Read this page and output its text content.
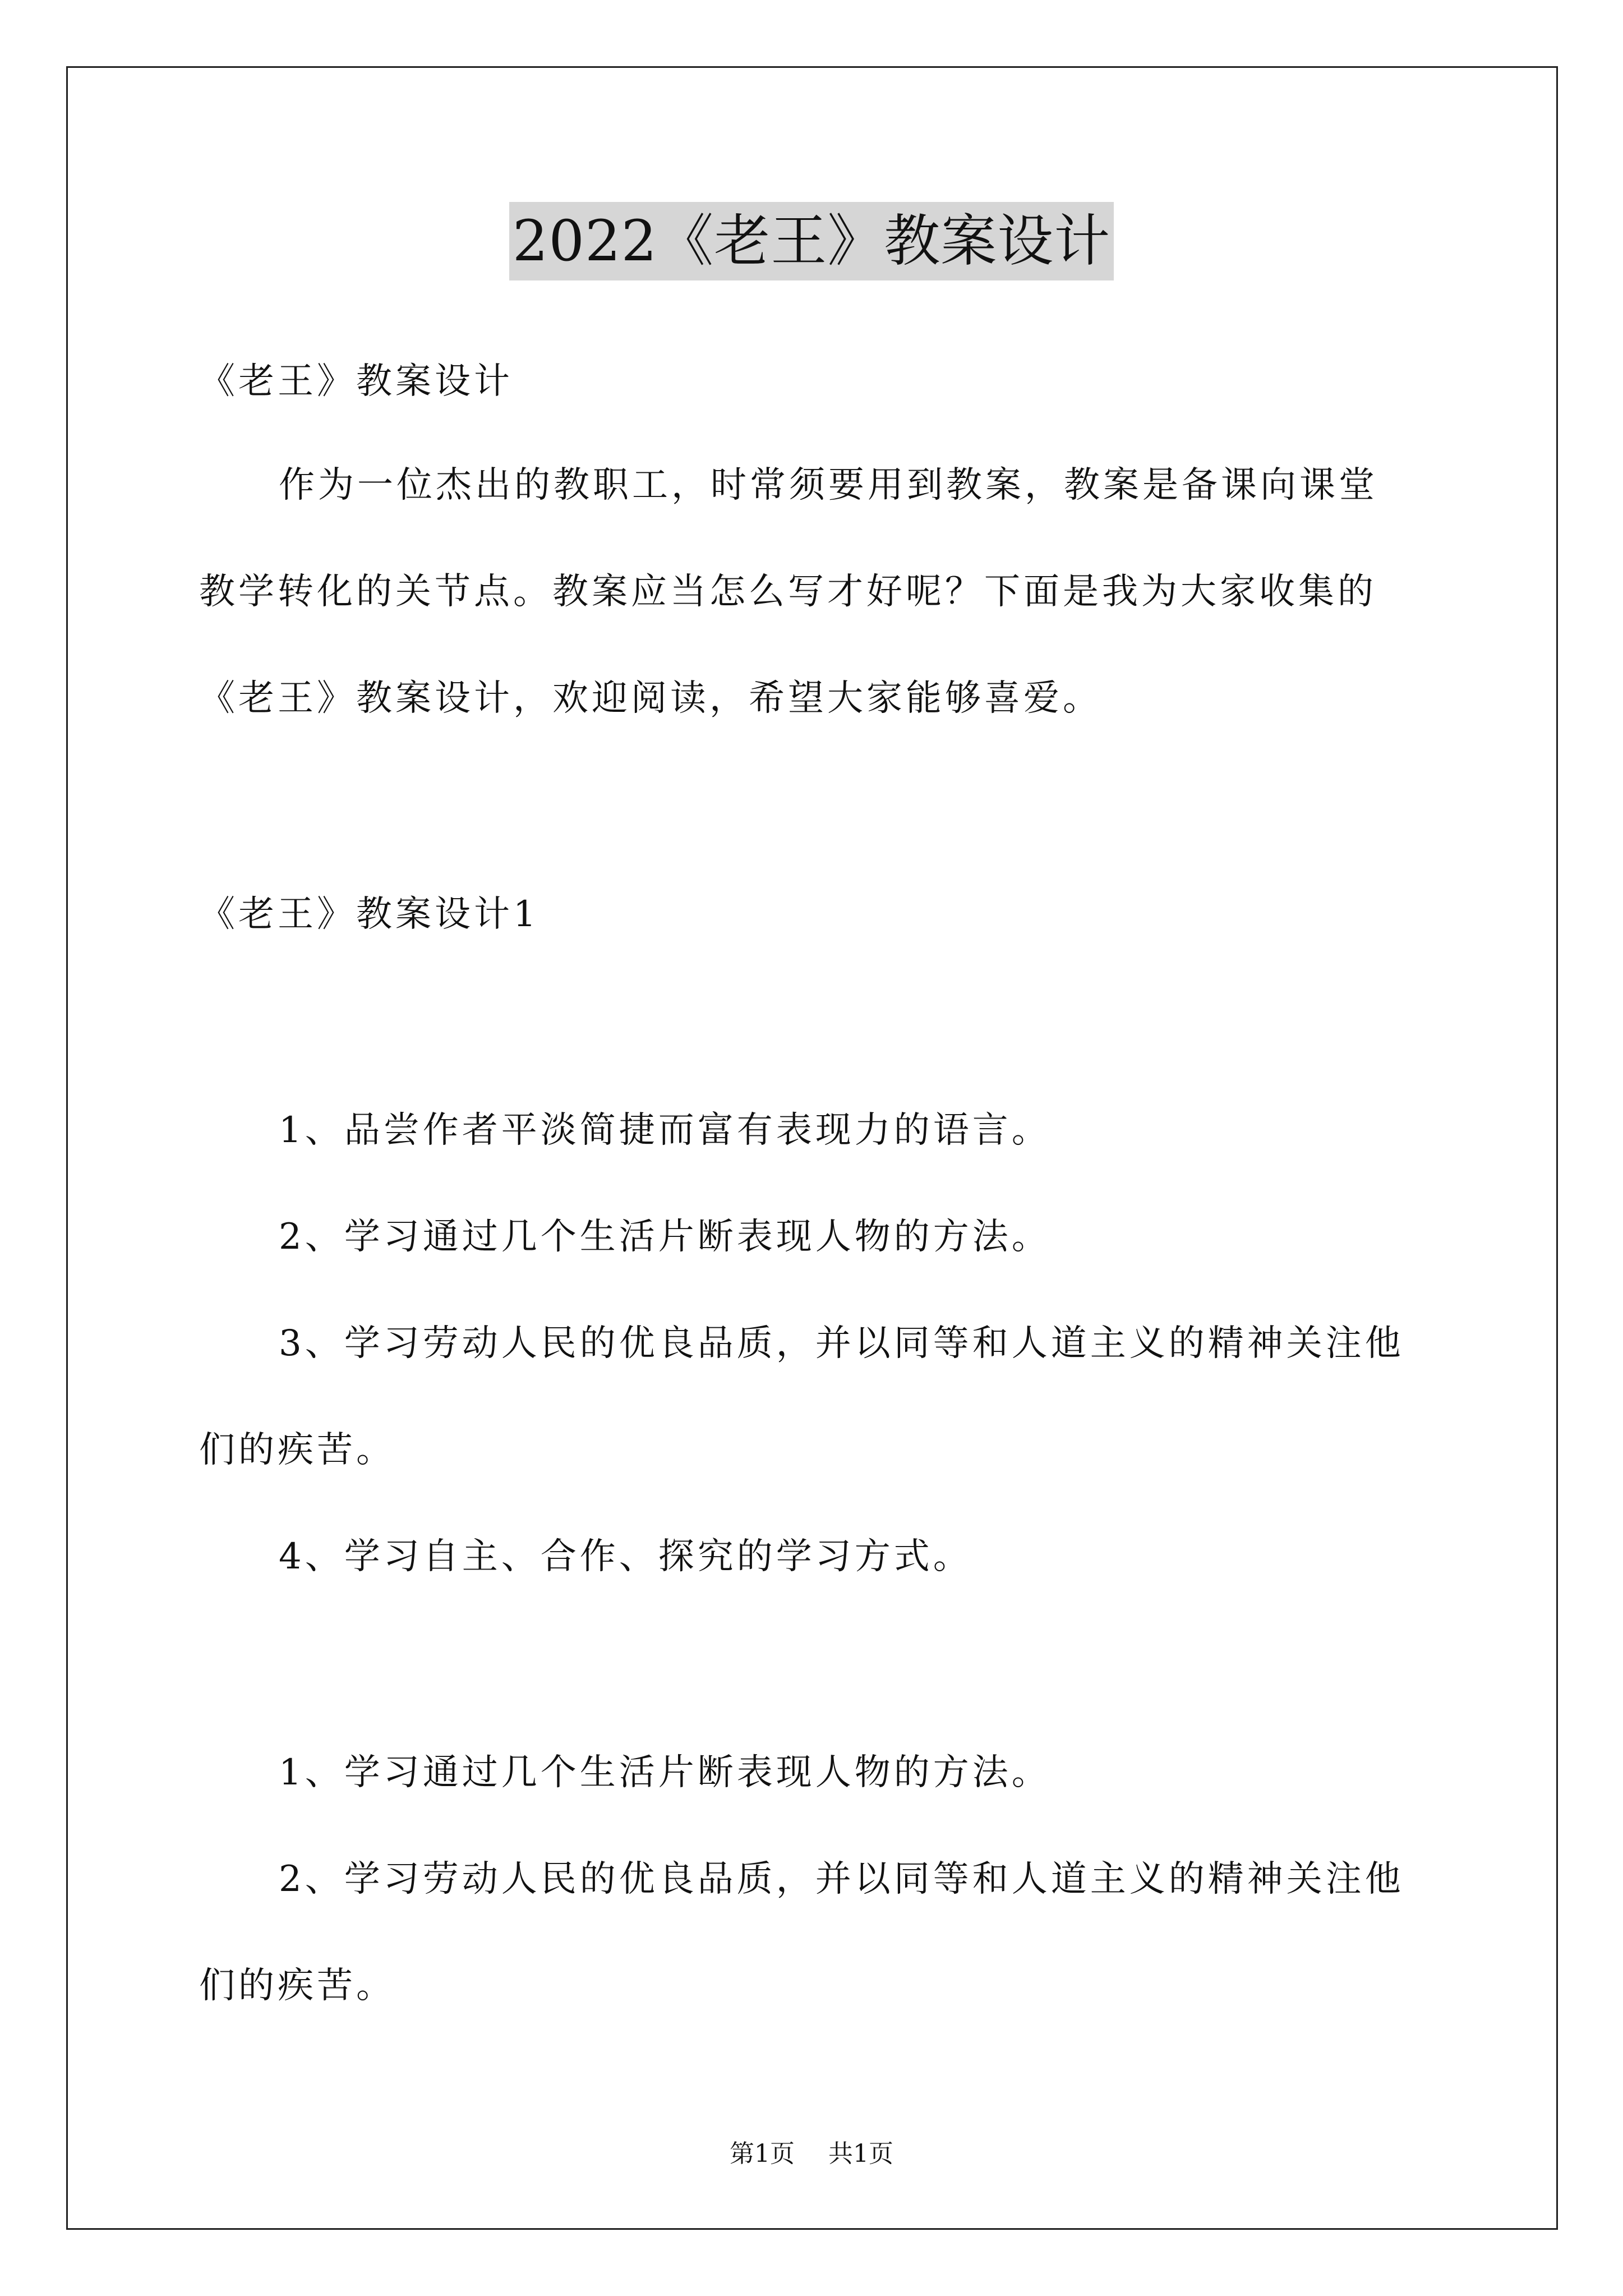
2022《老王》教案设计
《老王》教案设计
作为一位杰出的教职工，时常须要用到教案，教案是备课向课堂
教学转化的关节点。教案应当怎么写才好呢？下面是我为大家收集的
《老王》教案设计，欢迎阅读，希望大家能够喜爱。
《老王》教案设计1
1、品尝作者平淡简捷而富有表现力的语言。
2、学习通过几个生活片断表现人物的方法。
3、学习劳动人民的优良品质，并以同等和人道主义的精神关注他
们的疾苦。
4、学习自主、合作、探究的学习方式。
1、学习通过几个生活片断表现人物的方法。
2、学习劳动人民的优良品质，并以同等和人道主义的精神关注他
们的疾苦。
第1页 共1页
